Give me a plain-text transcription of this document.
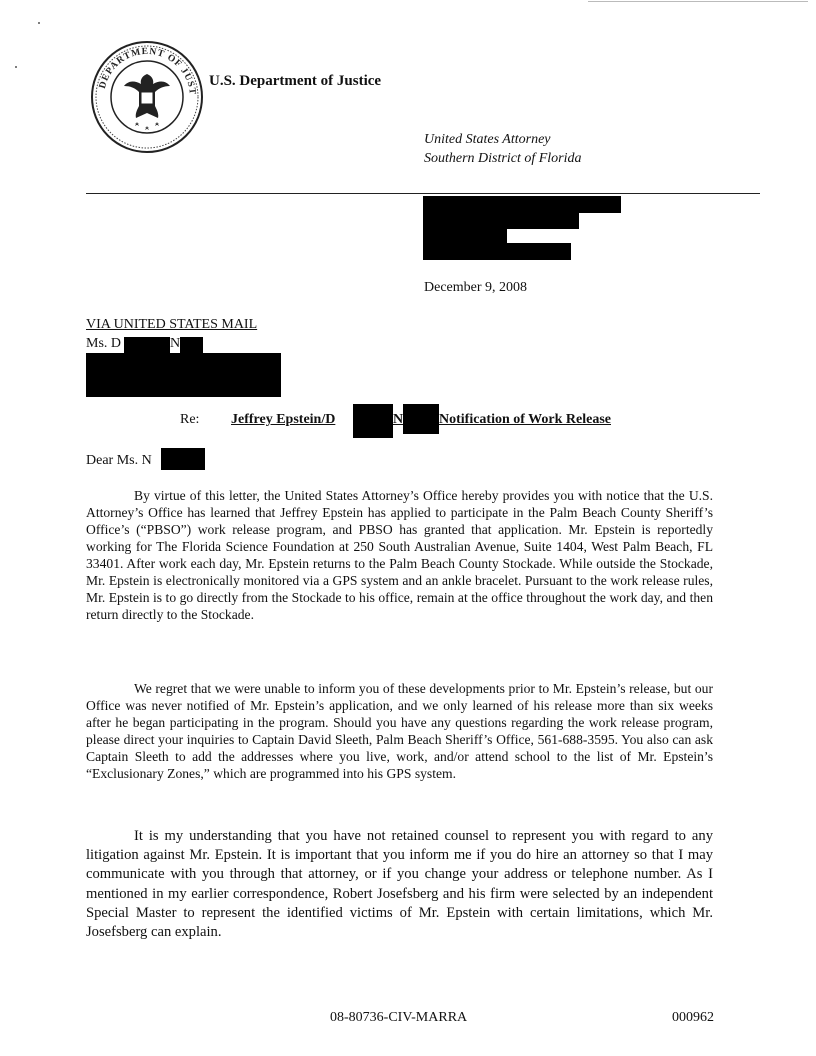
DEPARTMENT OF JUST
U.S. Department of Justice
United States Attorney
Southern District of Florida
December 9, 2008
VIA UNITED STATES MAIL
Ms. D	N
Re: Jeffrey Epstein/D	N	Notification of Work Release
Dear Ms. N
By virtue of this letter, the United States Attorney’s Office hereby provides you with notice that the U.S. Attorney’s Office has learned that Jeffrey Epstein has applied to participate in the Palm Beach County Sheriff’s Office’s (“PBSO”) work release program, and PBSO has granted that application. Mr. Epstein is reportedly working for The Florida Science Foundation at 250 South Australian Avenue, Suite 1404, West Palm Beach, FL 33401. After work each day, Mr. Epstein returns to the Palm Beach County Stockade. While outside the Stockade, Mr. Epstein is electronically monitored via a GPS system and an ankle bracelet. Pursuant to the work release rules, Mr. Epstein is to go directly from the Stockade to his office, remain at the office throughout the work day, and then return directly to the Stockade.
We regret that we were unable to inform you of these developments prior to Mr. Epstein’s release, but our Office was never notified of Mr. Epstein’s application, and we only learned of his release more than six weeks after he began participating in the program. Should you have any questions regarding the work release program, please direct your inquiries to Captain David Sleeth, Palm Beach Sheriff’s Office, 561-688-3595. You also can ask Captain Sleeth to add the addresses where you live, work, and/or attend school to the list of Mr. Epstein’s “Exclusionary Zones,” which are programmed into his GPS system.
It is my understanding that you have not retained counsel to represent you with regard to any litigation against Mr. Epstein. It is important that you inform me if you do hire an attorney so that I may communicate with you through that attorney, or if you change your address or telephone number. As I mentioned in my earlier correspondence, Robert Josefsberg and his firm were selected by an independent Special Master to represent the identified victims of Mr. Epstein with certain limitations, which Mr. Josefsberg can explain.
08-80736-CIV-MARRA	000962
